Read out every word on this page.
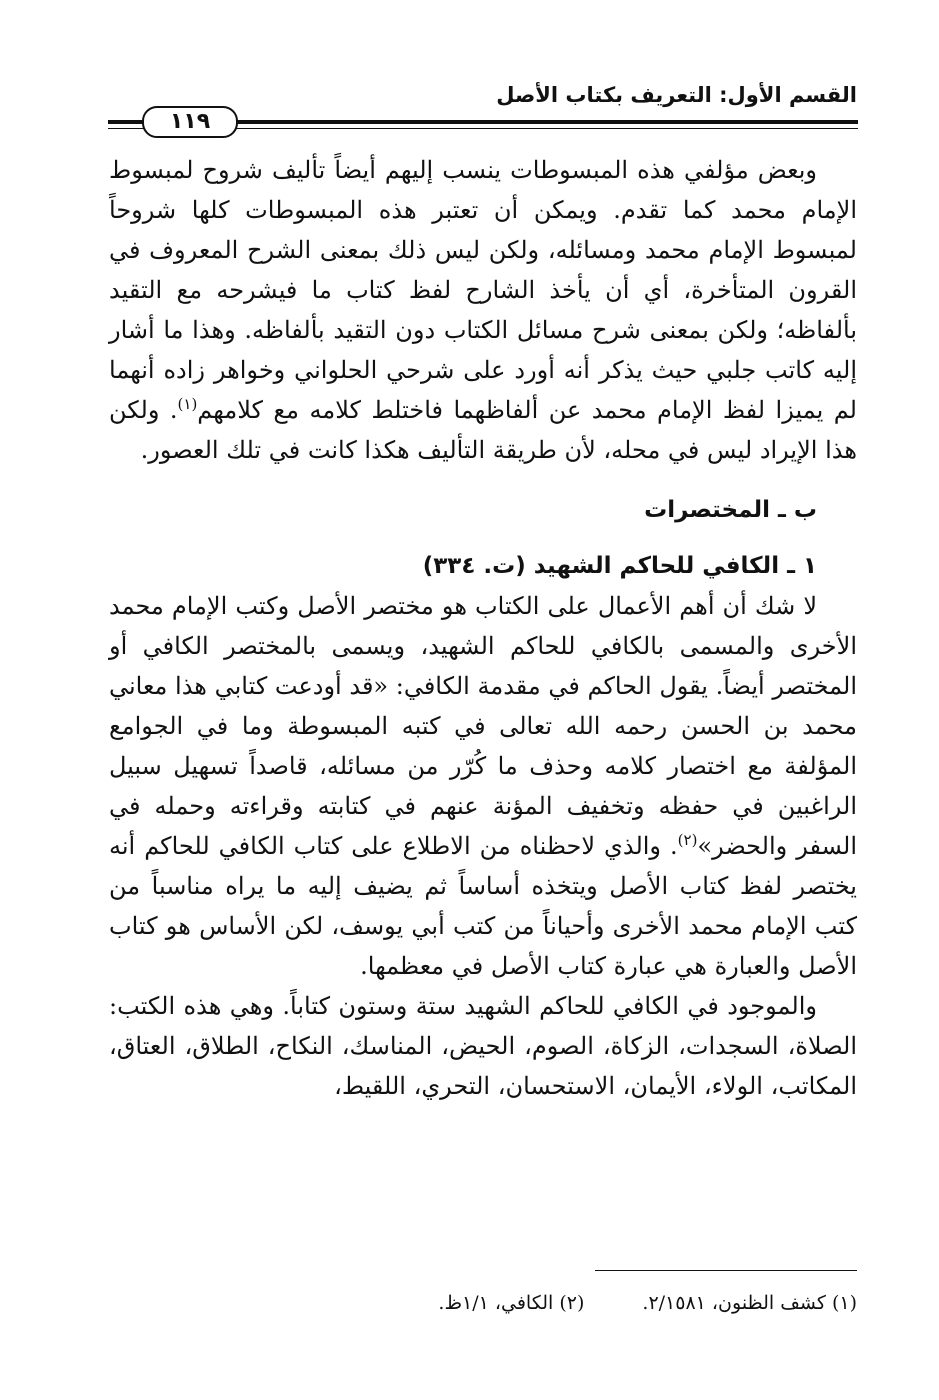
القسم الأول: التعريف بكتاب الأصل
١١٩

وبعض مؤلفي هذه المبسوطات ينسب إليهم أيضاً تأليف شروح لمبسوط الإمام محمد كما تقدم. ويمكن أن تعتبر هذه المبسوطات كلها شروحاً لمبسوط الإمام محمد ومسائله، ولكن ليس ذلك بمعنى الشرح المعروف في القرون المتأخرة، أي أن يأخذ الشارح لفظ كتاب ما فيشرحه مع التقيد بألفاظه؛ ولكن بمعنى شرح مسائل الكتاب دون التقيد بألفاظه. وهذا ما أشار إليه كاتب جلبي حيث يذكر أنه أورد على شرحي الحلواني وخواهر زاده أنهما لم يميزا لفظ الإمام محمد عن ألفاظهما فاختلط كلامه مع كلامهم$^{(١)}$. ولكن هذا الإيراد ليس في محله، لأن طريقة التأليف هكذا كانت في تلك العصور.

ب ـ المختصرات
١ ـ الكافي للحاكم الشهيد (ت. ٣٣٤)

لا شك أن أهم الأعمال على الكتاب هو مختصر الأصل وكتب الإمام محمد الأخرى والمسمى بالكافي للحاكم الشهيد، ويسمى بالمختصر الكافي أو المختصر أيضاً. يقول الحاكم في مقدمة الكافي: «قد أودعت كتابي هذا معاني محمد بن الحسن رحمه الله تعالى في كتبه المبسوطة وما في الجوامع المؤلفة مع اختصار كلامه وحذف ما كُرّر من مسائله، قاصداً تسهيل سبيل الراغبين في حفظه وتخفيف المؤنة عنهم في كتابته وقراءته وحمله في السفر والحضر»$^{(٢)}$. والذي لاحظناه من الاطلاع على كتاب الكافي للحاكم أنه يختصر لفظ كتاب الأصل ويتخذه أساساً ثم يضيف إليه ما يراه مناسباً من كتب الإمام محمد الأخرى وأحياناً من كتب أبي يوسف، لكن الأساس هو كتاب الأصل والعبارة هي عبارة كتاب الأصل في معظمها.

والموجود في الكافي للحاكم الشهيد ستة وستون كتاباً. وهي هذه الكتب: الصلاة، السجدات، الزكاة، الصوم، الحيض، المناسك، النكاح، الطلاق، العتاق، المكاتب، الولاء، الأيمان، الاستحسان، التحري، اللقيط،

(١) كشف الظنون، ٢/١٥٨١.(٢) الكافي، ١/١ظ.
